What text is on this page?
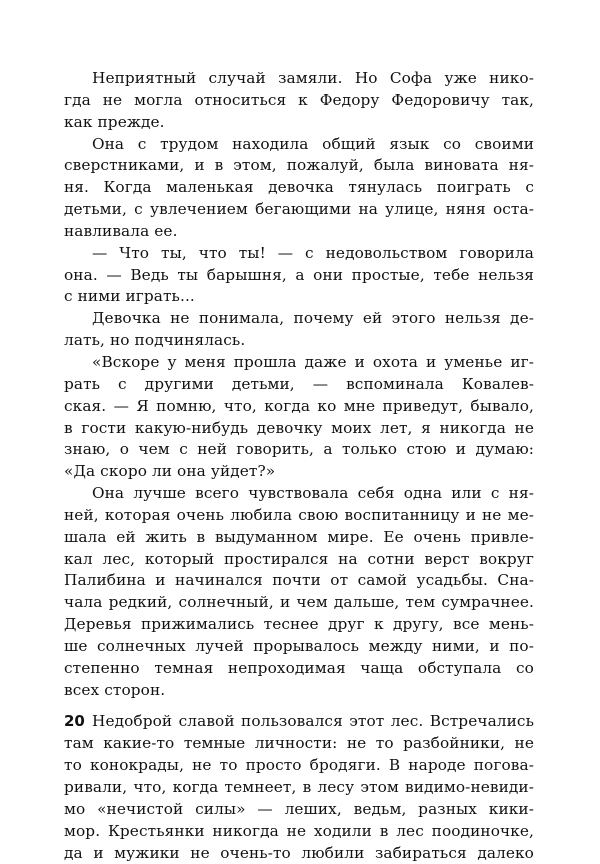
Неприятный случай замяли. Но Софа уже нико-
гда не могла относиться к Федору Федоровичу так,
как прежде.
Она с трудом находила общий язык со своими
сверстниками, и в этом, пожалуй, была виновата ня-
ня. Когда маленькая девочка тянулась поиграть с
детьми, с увлечением бегающими на улице, няня оста-
навливала ее.
— Что ты, что ты! — с недовольством говорила
она. — Ведь ты барышня, а они простые, тебе нельзя
с ними играть...
Девочка не понимала, почему ей этого нельзя де-
лать, но подчинялась.
«Вскоре у меня прошла даже и охота и уменье иг-
рать с другими детьми, — вспоминала Ковалев-
ская. — Я помню, что, когда ко мне приведут, бывало,
в гости какую-нибудь девочку моих лет, я никогда не
знаю, о чем с ней говорить, а только стою и думаю:
«Да скоро ли она уйдет?»
Она лучше всего чувствовала себя одна или с ня-
ней, которая очень любила свою воспитанницу и не ме-
шала ей жить в выдуманном мире. Ее очень привле-
кал лес, который простирался на сотни верст вокруг
Палибина и начинался почти от самой усадьбы. Сна-
чала редкий, солнечный, и чем дальше, тем сумрачнее.
Деревья прижимались теснее друг к другу, все мень-
ше солнечных лучей прорывалось между ними, и по-
степенно темная непроходимая чаща обступала со
всех сторон.
Недоброй славой пользовался этот лес. Встречались
там какие-то темные личности: не то разбойники, не
то конокрады, не то просто бродяги. В народе погова-
ривали, что, когда темнеет, в лесу этом видимо-невиди-
мо «нечистой силы» — леших, ведьм, разных кики-
мор. Крестьянки никогда не ходили в лес поодиночке,
да и мужики не очень-то любили забираться далеко
20
